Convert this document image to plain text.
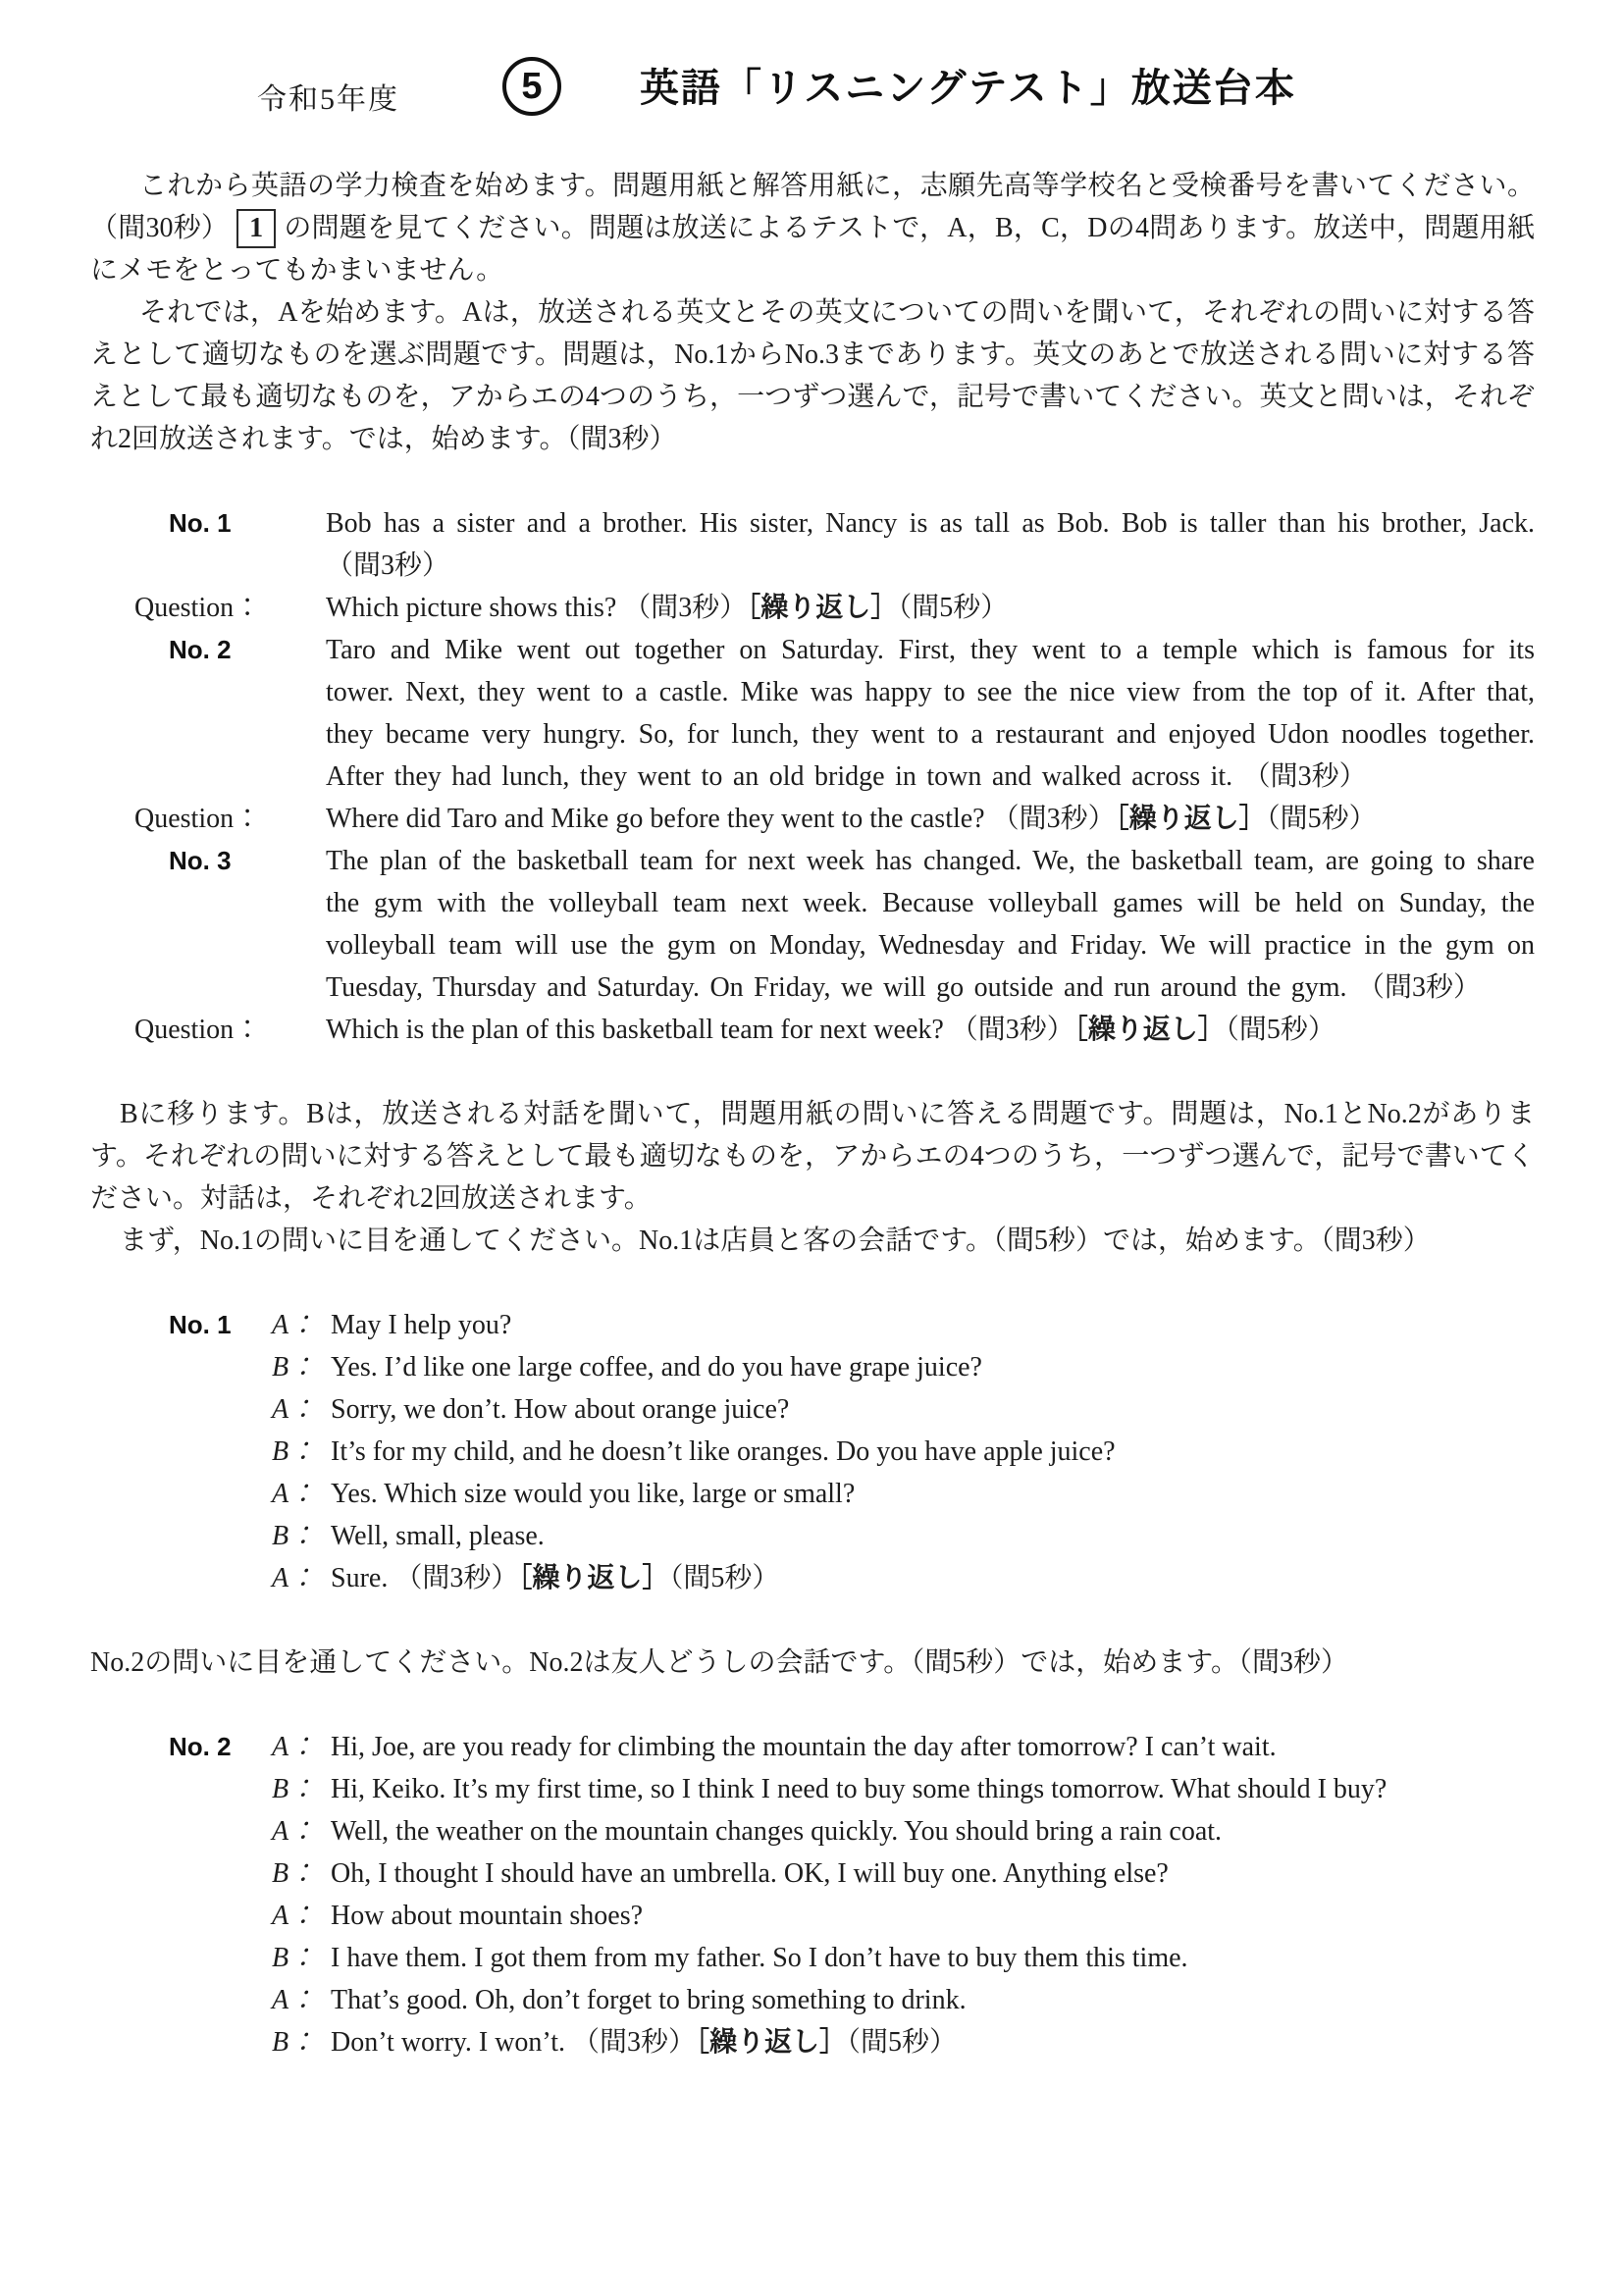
令和5年度	5	英語「リスニングテスト」放送台本

これから英語の学力検査を始めます。問題用紙と解答用紙に，志願先高等学校名と受検番号を書いてください。（間30秒） 1 の問題を見てください。問題は放送によるテストで，A，B，C，Dの4問あります。放送中，問題用紙にメモをとってもかまいません。

それでは，Aを始めます。Aは，放送される英文とその英文についての問いを聞いて，それぞれの問いに対する答えとして適切なものを選ぶ問題です。問題は，No.1からNo.3まであります。英文のあとで放送される問いに対する答えとして最も適切なものを，アからエの4つのうち，一つずつ選んで，記号で書いてください。英文と問いは，それぞれ2回放送されます。では，始めます。（間3秒）

No. 1	Bob has a sister and a brother. His sister, Nancy is as tall as Bob. Bob is taller than his brother, Jack. （間3秒）
Question： Which picture shows this? （間3秒）［繰り返し］（間5秒）
No. 2	Taro and Mike went out together on Saturday. First, they went to a temple which is famous for its tower. Next, they went to a castle. Mike was happy to see the nice view from the top of it. After that, they became very hungry. So, for lunch, they went to a restaurant and enjoyed Udon noodles together. After they had lunch, they went to an old bridge in town and walked across it. （間3秒）
Question： Where did Taro and Mike go before they went to the castle? （間3秒）［繰り返し］（間5秒）
No. 3	The plan of the basketball team for next week has changed. We, the basketball team, are going to share the gym with the volleyball team next week. Because volleyball games will be held on Sunday, the volleyball team will use the gym on Monday, Wednesday and Friday. We will practice in the gym on Tuesday, Thursday and Saturday. On Friday, we will go outside and run around the gym. （間3秒）
Question： Which is the plan of this basketball team for next week? （間3秒）［繰り返し］（間5秒）

Bに移ります。Bは，放送される対話を聞いて，問題用紙の問いに答える問題です。問題は，No.1とNo.2があります。それぞれの問いに対する答えとして最も適切なものを，アからエの4つのうち，一つずつ選んで，記号で書いてください。対話は，それぞれ2回放送されます。

まず，No.1の問いに目を通してください。No.1は店員と客の会話です。（間5秒）では，始めます。（間3秒）

No. 1 A： May I help you?
B： Yes. I’d like one large coffee, and do you have grape juice?
A： Sorry, we don’t. How about orange juice?
B： It’s for my child, and he doesn’t like oranges. Do you have apple juice?
A： Yes. Which size would you like, large or small?
B： Well, small, please.
A： Sure. （間3秒）［繰り返し］（間5秒）

No.2の問いに目を通してください。No.2は友人どうしの会話です。（間5秒）では，始めます。（間3秒）

No. 2 A： Hi, Joe, are you ready for climbing the mountain the day after tomorrow? I can’t wait.
B： Hi, Keiko. It’s my first time, so I think I need to buy some things tomorrow. What should I buy?
A： Well, the weather on the mountain changes quickly. You should bring a rain coat.
B： Oh, I thought I should have an umbrella. OK, I will buy one. Anything else?
A： How about mountain shoes?
B： I have them. I got them from my father. So I don’t have to buy them this time.
A： That’s good. Oh, don’t forget to bring something to drink.
B： Don’t worry. I won’t. （間3秒）［繰り返し］（間5秒）
